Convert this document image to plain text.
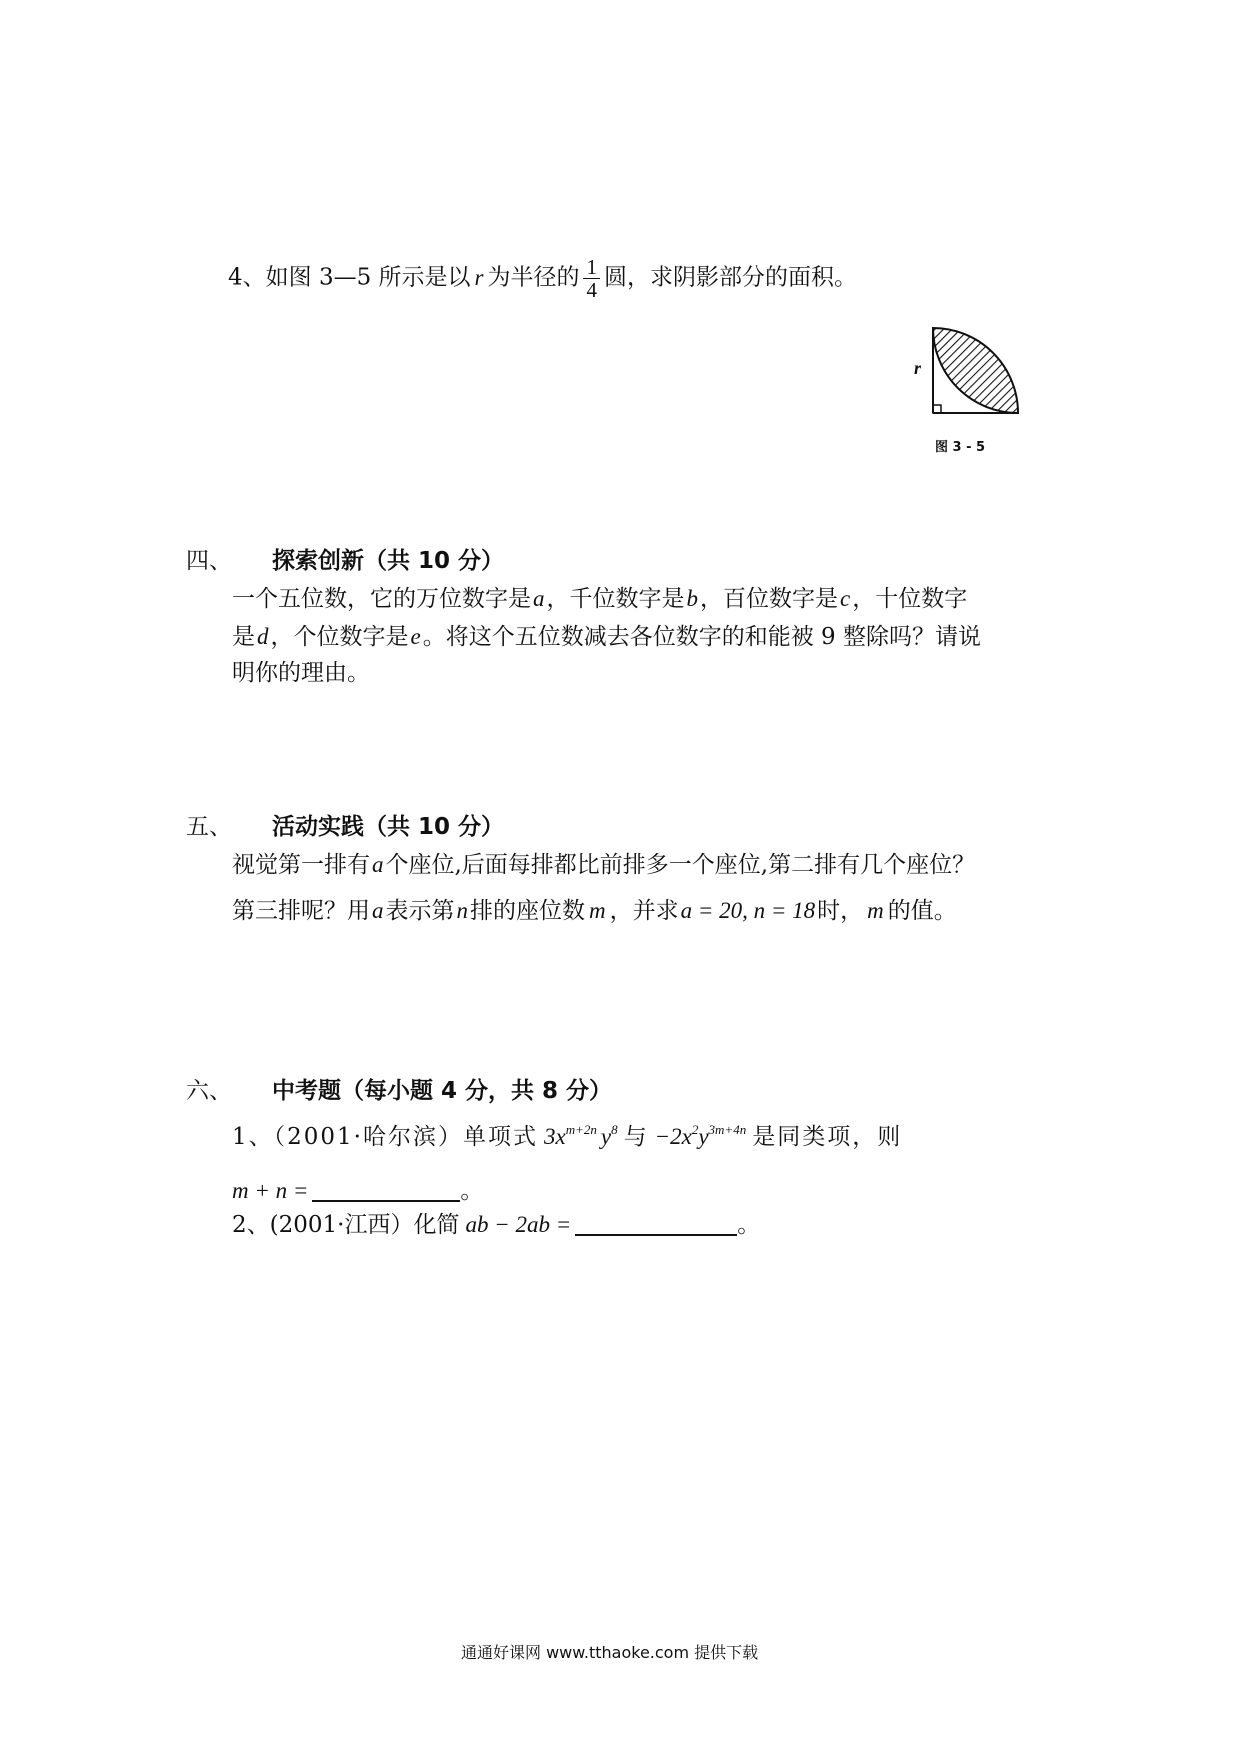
4、如图 3—5 所示是以 r 为半径的 $\frac{1}{4}$ 圆，求阴影部分的面积。
r
图 3 - 5
四、 探索创新（共 10 分）
一个五位数，它的万位数字是a，千位数字是b，百位数字是c，十位数字
是d，个位数字是e。将这个五位数减去各位数字的和能被 9 整除吗？请说
明你的理由。
五、 活动实践（共 10 分）
视觉第一排有a个座位,后面每排都比前排多一个座位,第二排有几个座位？
第三排呢？用a表示第n排的座位数 m ，并求a = 20, n = 18时， m 的值。
六、 中考题（每小题 4 分，共 8 分）
1、（2001·哈尔滨）单项式 $3x^{m+2n}$ $y^8$ 与 $-2x^2y^{3m+4n}$ 是同类项，则
m + n =	。
2、(2001·江西）化简 ab − 2ab =	。
通通好课网 www.tthaoke.com 提供下载
